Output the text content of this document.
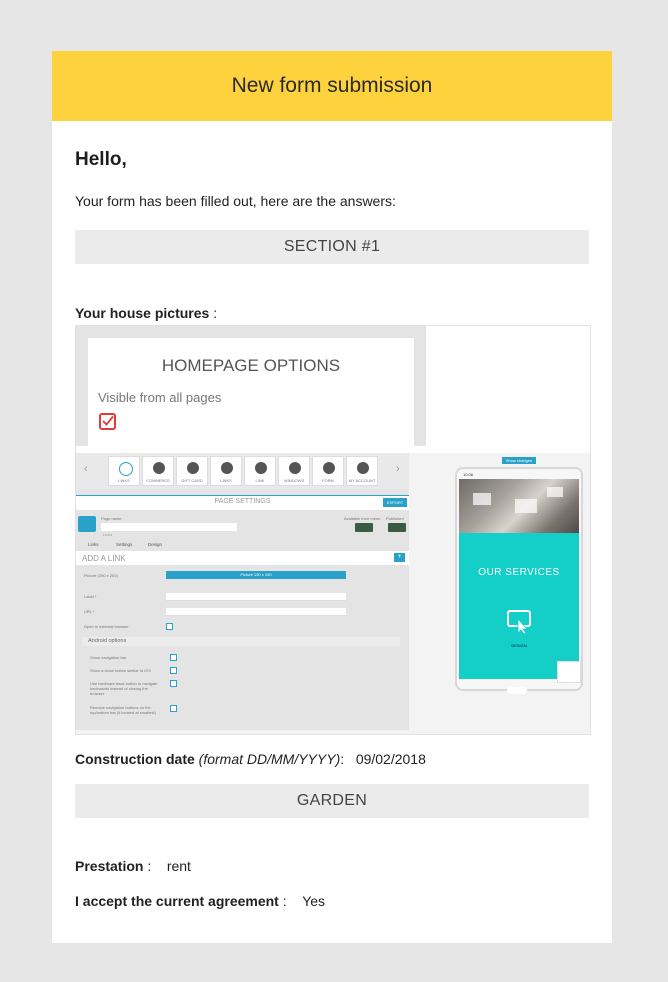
New form submission
Hello,
Your form has been filled out, here are the answers:
SECTION #1
Your house pictures :
HOMEPAGE OPTIONS
Visible from all pages
‹
LINKS	COMMERCE	GIFT CARD	LINKS	LINK	WINDOWS	FORM	MY ACCOUNT
›
PAGE SETTINGS	EXPORT
Page name
Links
Available from menu Published
Links	Settings	Design
ADD A LINK	+
Picture (200 x 200)	Picture 150 x 150
Label *
URL *
Open in external browser
Android options
Show navigation bar
Show a close button similar to iOS
Use hardware back button to navigate backwards instead of closing the browser
Remove navigation buttons on the top/bottom bar (if located at smallest)
Show changes
10:08
OUR SERVICES
DESIGN
Construction date (format DD/MM/YYYY): 09/02/2018
GARDEN
Prestation : rent
I accept the current agreement : Yes
